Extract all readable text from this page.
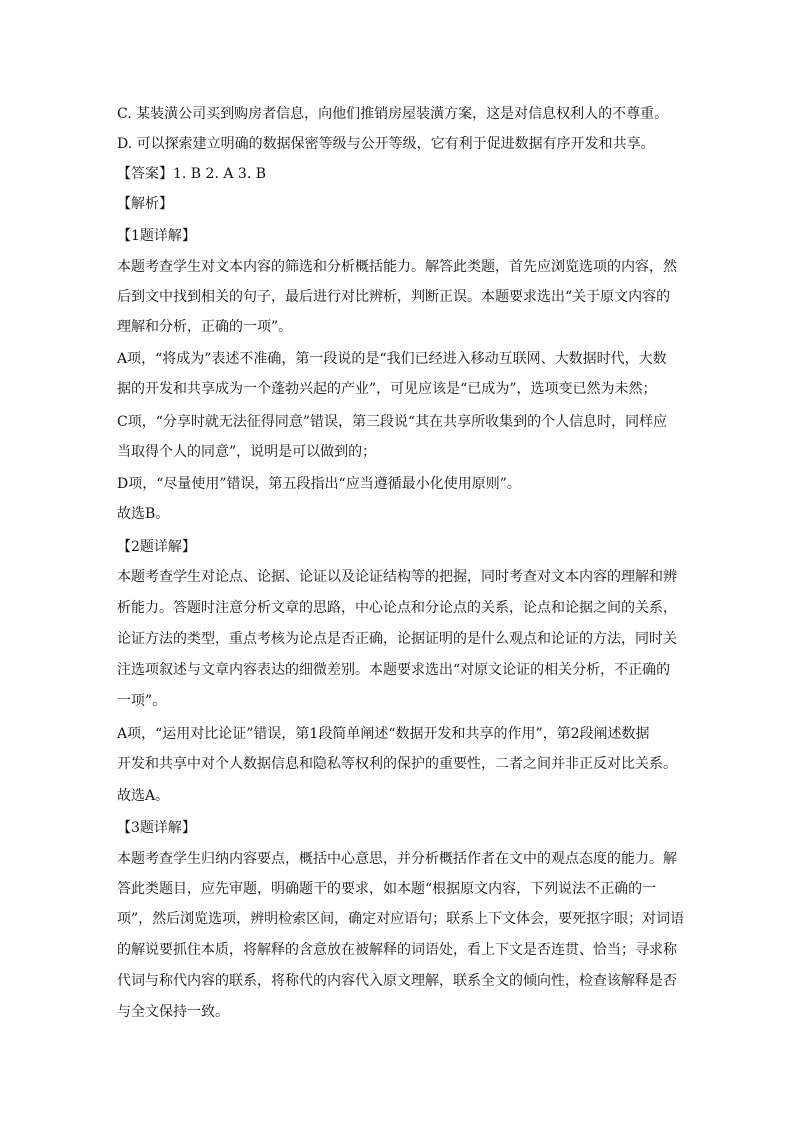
C. 某装潢公司买到购房者信息，向他们推销房屋装潢方案，这是对信息权利人的不尊重。
D. 可以探索建立明确的数据保密等级与公开等级，它有利于促进数据有序开发和共享。
【答案】1. B 2. A 3. B
【解析】
【1题详解】
本题考查学生对文本内容的筛选和分析概括能力。解答此类题，首先应浏览选项的内容，然
后到文中找到相关的句子，最后进行对比辨析，判断正误。本题要求选出“关于原文内容的
理解和分析，正确的一项”。
A项，“将成为”表述不准确，第一段说的是“我们已经进入移动互联网、大数据时代，大数
据的开发和共享成为一个蓬勃兴起的产业”，可见应该是“已成为”，选项变已然为未然；
C项，“分享时就无法征得同意”错误，第三段说“其在共享所收集到的个人信息时，同样应
当取得个人的同意”，说明是可以做到的；
D项，“尽量使用”错误，第五段指出“应当遵循最小化使用原则”。
故选B。
【2题详解】
本题考查学生对论点、论据、论证以及论证结构等的把握，同时考查对文本内容的理解和辨
析能力。答题时注意分析文章的思路，中心论点和分论点的关系，论点和论据之间的关系，
论证方法的类型，重点考核为论点是否正确，论据证明的是什么观点和论证的方法，同时关
注选项叙述与文章内容表达的细微差别。本题要求选出“对原文论证的相关分析，不正确的
一项”。
A项，“运用对比论证”错误，第1段简单阐述“数据开发和共享的作用”，第2段阐述数据
开发和共享中对个人数据信息和隐私等权利的保护的重要性，二者之间并非正反对比关系。
故选A。
【3题详解】
本题考查学生归纳内容要点，概括中心意思，并分析概括作者在文中的观点态度的能力。解
答此类题目，应先审题，明确题干的要求，如本题“根据原文内容，下列说法不正确的一
项”，然后浏览选项，辨明检索区间，确定对应语句；联系上下文体会，要死抠字眼；对词语
的解说要抓住本质，将解释的含意放在被解释的词语处，看上下文是否连贯、恰当；寻求称
代词与称代内容的联系，将称代的内容代入原文理解，联系全文的倾向性，检查该解释是否
与全文保持一致。
